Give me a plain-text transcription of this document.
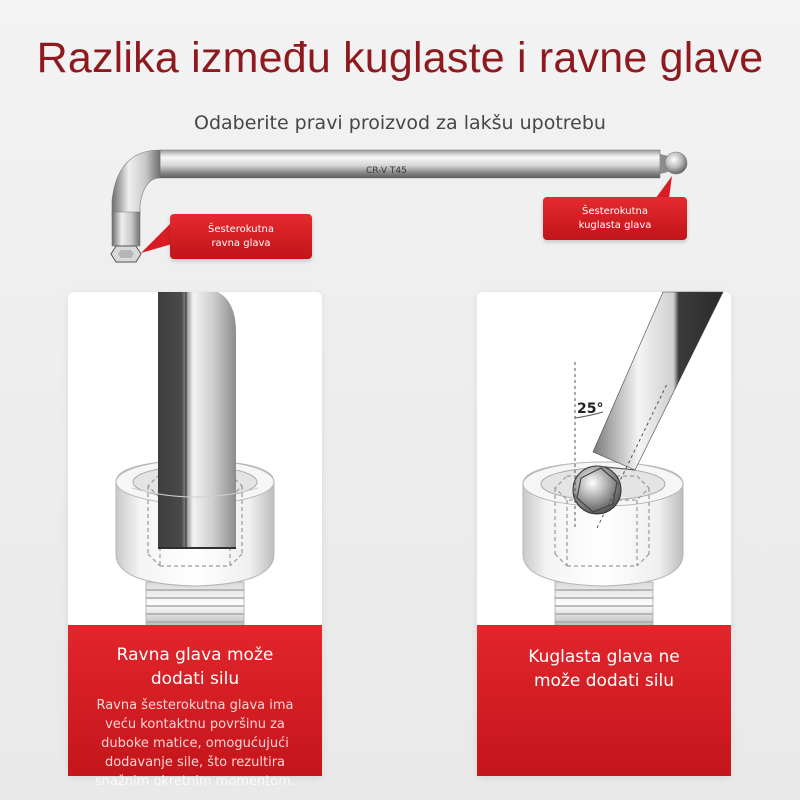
Razlika između kuglaste i ravne glave
Odaberite pravi proizvod za lakšu upotrebu
CR-V T45
Šesterokutna
ravna glava
Šesterokutna
kuglasta glava
Ravna glava može
dodati silu
Ravna šesterokutna glava ima
veću kontaktnu površinu za
duboke matice, omogućujući
dodavanje sile, što rezultira
snažnim okretnim momentom.
25°
Kuglasta glava ne
može dodati silu
